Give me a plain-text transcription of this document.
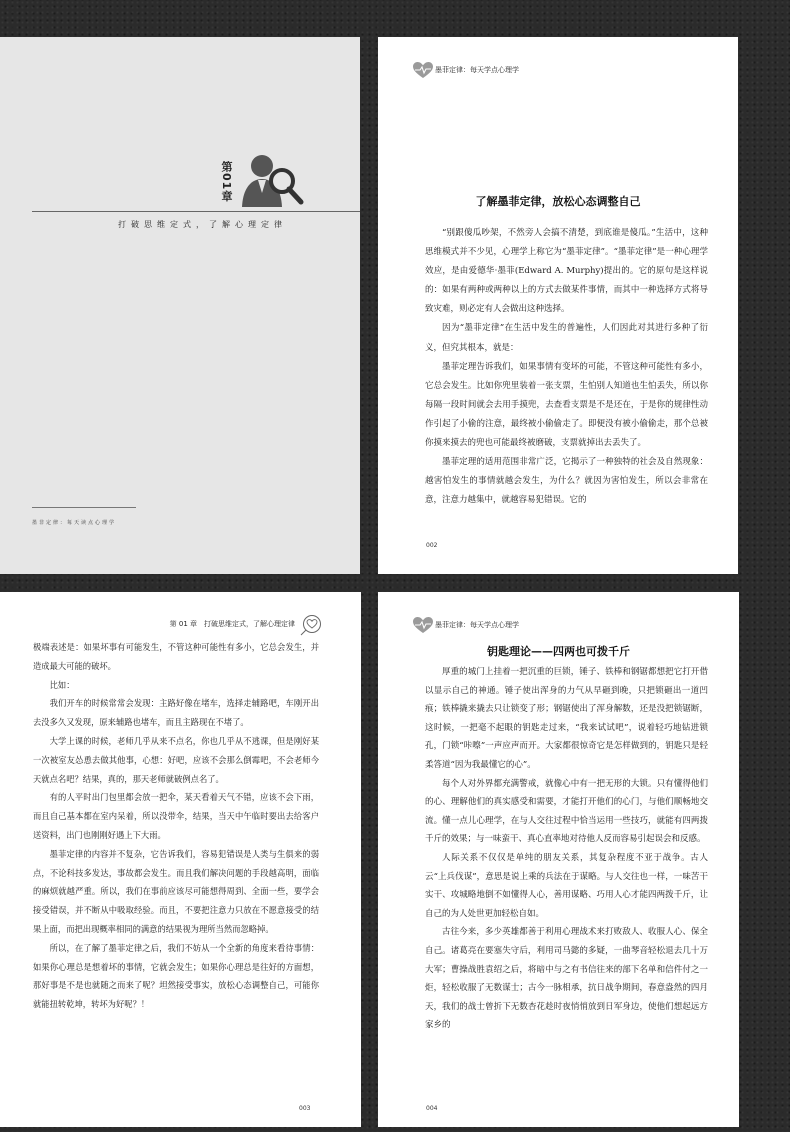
第01章
打破思维定式，了解心理定律
墨非定律：每天读点心理学
墨菲定律：每天学点心理学
了解墨菲定律，放松心态调整自己

“别跟傻瓜吵架，不然旁人会搞不清楚，到底谁是傻瓜。”生活中，这种思维模式并不少见，心理学上称它为“墨菲定律”。“墨菲定律”是一种心理学效应，是由爱德华·墨菲(Edward A. Murphy)提出的。它的原句是这样说的：如果有两种或两种以上的方式去做某件事情，而其中一种选择方式将导致灾难，则必定有人会做出这种选择。

因为“墨菲定律”在生活中发生的普遍性，人们因此对其进行多种了衍义，但究其根本，就是：

墨菲定理告诉我们，如果事情有变坏的可能，不管这种可能性有多小，它总会发生。比如你兜里装着一张支票，生怕别人知道也生怕丢失，所以你每隔一段时间就会去用手摸兜，去查看支票是不是还在，于是你的规律性动作引起了小偷的注意，最终被小偷偷走了。即便没有被小偷偷走，那个总被你摸来摸去的兜也可能最终被磨破，支票就掉出去丢失了。

墨菲定理的适用范围非常广泛，它揭示了一种独特的社会及自然现象：越害怕发生的事情就越会发生，为什么？就因为害怕发生，所以会非常在意，注意力越集中，就越容易犯错误。它的

002
第 01 章　打破思维定式，了解心理定律

极端表述是：如果坏事有可能发生，不管这种可能性有多小，它总会发生，并造成最大可能的破坏。

比如：

我们开车的时候常常会发现：主路好像在堵车，选择走辅路吧，车刚开出去没多久又发现，原来辅路也堵车，而且主路现在不堵了。

大学上课的时候，老师几乎从来不点名，你也几乎从不逃课，但是刚好某一次被室友怂恿去做其他事，心想：好吧，应该不会那么倒霉吧，不会老师今天就点名吧？结果，真的，那天老师就破例点名了。

有的人平时出门包里都会放一把伞，某天看着天气不错，应该不会下雨，而且自己基本都在室内呆着，所以没带伞，结果，当天中午临时要出去给客户送资料，出门也刚刚好遇上下大雨。

墨菲定律的内容并不复杂，它告诉我们，容易犯错误是人类与生俱来的弱点，不论科技多发达，事故都会发生。而且我们解决问题的手段越高明，面临的麻烦就越严重。所以，我们在事前应该尽可能想得周到、全面一些，要学会接受错误，并不断从中吸取经验。而且，不要把注意力只放在不愿意接受的结果上面，而把出现概率相同的满意的结果视为理所当然而忽略掉。

所以，在了解了墨菲定律之后，我们不妨从一个全新的角度来看待事情：如果你心理总是想着坏的事情，它就会发生；如果你心理总是往好的方面想，那好事是不是也就随之而来了呢？坦然接受事实，放松心态调整自己，可能你就能扭转乾坤，转坏为好呢？！

003
墨菲定律：每天学点心理学
钥匙理论——四两也可拨千斤

厚重的城门上挂着一把沉重的巨锁，锤子、铁棒和钢锯都想把它打开借以显示自己的神通。锤子使出浑身的力气从早砸到晚，只把锁砸出一道凹痕；铁棒撬来撬去只让锁变了形；钢锯使出了浑身解数，还是没把锁锯断，这时候，一把毫不起眼的钥匙走过来，“我来试试吧”，说着轻巧地钻进锁孔，门锁“咔嚓”一声应声而开。大家都很惊奇它是怎样做到的，钥匙只是轻柔答道“因为我最懂它的心”。

每个人对外界都充满警戒，就像心中有一把无形的大锁。只有懂得他们的心、理解他们的真实感受和需要，才能打开他们的心门，与他们顺畅地交流。懂一点儿心理学，在与人交往过程中恰当运用一些技巧，就能有四两拨千斤的效果；与一味蛮干、真心直率地对待他人反而容易引起误会和反感。

人际关系不仅仅是单纯的朋友关系，其复杂程度不亚于战争。古人云“上兵伐谋”，意思是说上乘的兵法在于谋略。与人交往也一样，一味苦干实干、攻城略地倒不如懂得人心，善用谋略、巧用人心才能四两拨千斤，让自己的为人处世更加轻松自如。

古往今来，多少英雄都善于利用心理战术来打败敌人、收服人心、保全自己。诸葛亮在要塞失守后，利用司马懿的多疑，一曲琴音轻松退去几十万大军；曹操战胜袁绍之后，将暗中与之有书信往来的部下名单和信件付之一炬，轻松收服了无数谋士；古今一脉相承，抗日战争期间，春意盎然的四月天，我们的战士曾折下无数杏花趁时夜悄悄放到日军身边，使他们想起远方家乡的

004
